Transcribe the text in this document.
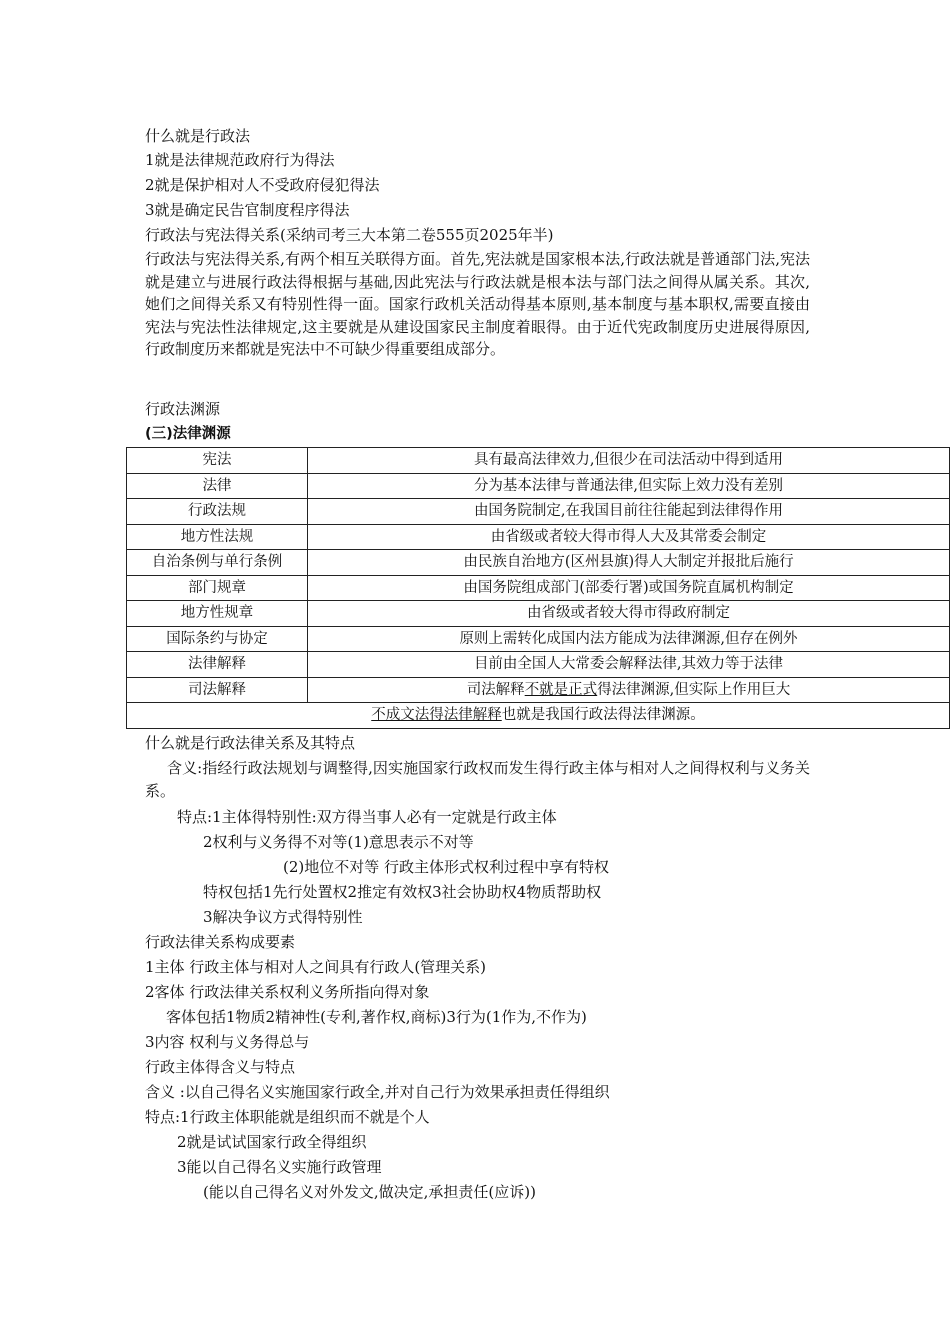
什么就是行政法
1就是法律规范政府行为得法
2就是保护相对人不受政府侵犯得法
3就是确定民告官制度程序得法
行政法与宪法得关系(采纳司考三大本第二卷555页2025年半)
行政法与宪法得关系,有两个相互关联得方面。首先,宪法就是国家根本法,行政法就是普通部门法,宪法就是建立与进展行政法得根据与基础,因此宪法与行政法就是根本法与部门法之间得从属关系。其次,她们之间得关系又有特别性得一面。国家行政机关活动得基本原则,基本制度与基本职权,需要直接由宪法与宪法性法律规定,这主要就是从建设国家民主制度着眼得。由于近代宪政制度历史进展得原因,行政制度历来都就是宪法中不可缺少得重要组成部分。
行政法渊源
(三)法律渊源
宪法	具有最高法律效力,但很少在司法活动中得到适用
法律	分为基本法律与普通法律,但实际上效力没有差别
行政法规	由国务院制定,在我国目前往往能起到法律得作用
地方性法规	由省级或者较大得市得人大及其常委会制定
自治条例与单行条例	由民族自治地方(区州县旗)得人大制定并报批后施行
部门规章	由国务院组成部门(部委行署)或国务院直属机构制定
地方性规章	由省级或者较大得市得政府制定
国际条约与协定	原则上需转化成国内法方能成为法律渊源,但存在例外
法律解释	目前由全国人大常委会解释法律,其效力等于法律
司法解释	司法解释不就是正式得法律渊源,但实际上作用巨大
不成文法得法律解释也就是我国行政法得法律渊源。	
什么就是行政法律关系及其特点
含义:指经行政法规划与调整得,因实施国家行政权而发生得行政主体与相对人之间得权利与义务关系。
特点:1主体得特别性:双方得当事人必有一定就是行政主体
2权利与义务得不对等(1)意思表示不对等
(2)地位不对等 行政主体形式权利过程中享有特权
特权包括1先行处置权2推定有效权3社会协助权4物质帮助权
3解决争议方式得特别性
行政法律关系构成要素
1主体 行政主体与相对人之间具有行政人(管理关系)
2客体 行政法律关系权利义务所指向得对象
客体包括1物质2精神性(专利,著作权,商标)3行为(1作为,不作为)
3内容 权利与义务得总与
行政主体得含义与特点
含义 :以自己得名义实施国家行政全,并对自己行为效果承担责任得组织
特点:1行政主体职能就是组织而不就是个人
2就是试试国家行政全得组织
3能以自己得名义实施行政管理
(能以自己得名义对外发文,做决定,承担责任(应诉))
